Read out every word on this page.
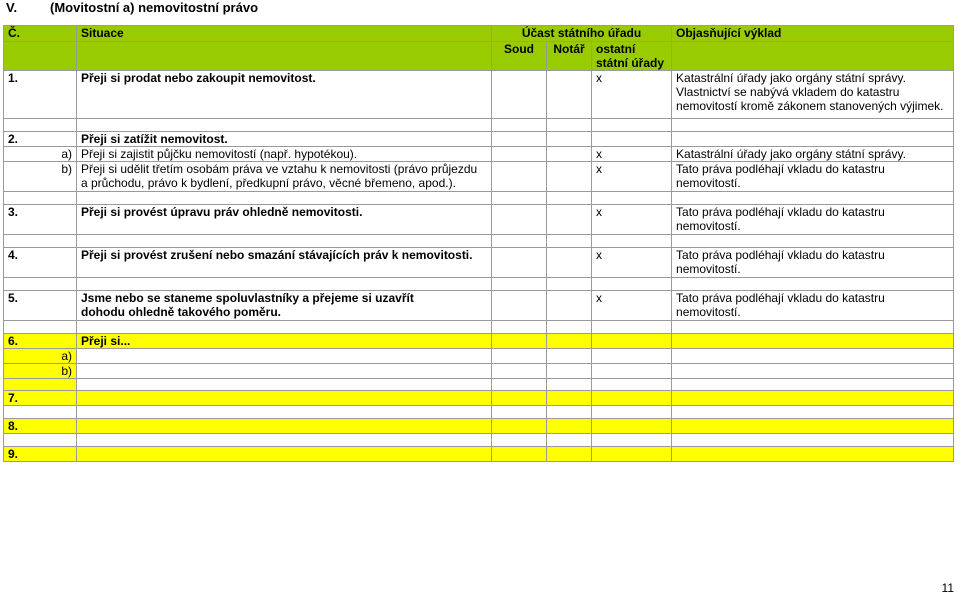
V.	(Movitostní a) nemovitostní právo
Č.	Situace	Účast státního úřadu			Objasňující výklad
		Soud	Notář	ostatní státní úřady	
1.	Přeji si prodat nebo zakoupit nemovitost.			x	Katastrální úřady jako orgány státní správy. Vlastnictví se nabývá vkladem do katastru nemovitostí kromě zákonem stanovených výjimek.

2.	Přeji si zatížit nemovitost.				
a)	Přeji si zajistit půjčku nemovitostí (např. hypotékou).			x	Katastrální úřady jako orgány státní správy.
b)	Přeji si udělit třetím osobám práva ve vztahu k nemovitosti (právo průjezdu a průchodu, právo k bydlení, předkupní právo, věcné břemeno, apod.).			x	Tato práva podléhají vkladu do katastru nemovitostí.

3.	Přeji si provést úpravu práv ohledně nemovitosti.			x	Tato práva podléhají vkladu do katastru nemovitostí.

4.	Přeji si provést zrušení nebo smazání stávajících práv k nemovitosti.			x	Tato práva podléhají vkladu do katastru nemovitostí.

5.	Jsme nebo se staneme spoluvlastníky a přejeme si uzavřít dohodu ohledně takového poměru.			x	Tato práva podléhají vkladu do katastru nemovitostí.

6.	Přeji si...				
a)					
b)					

7.					

8.					

9.					
11
